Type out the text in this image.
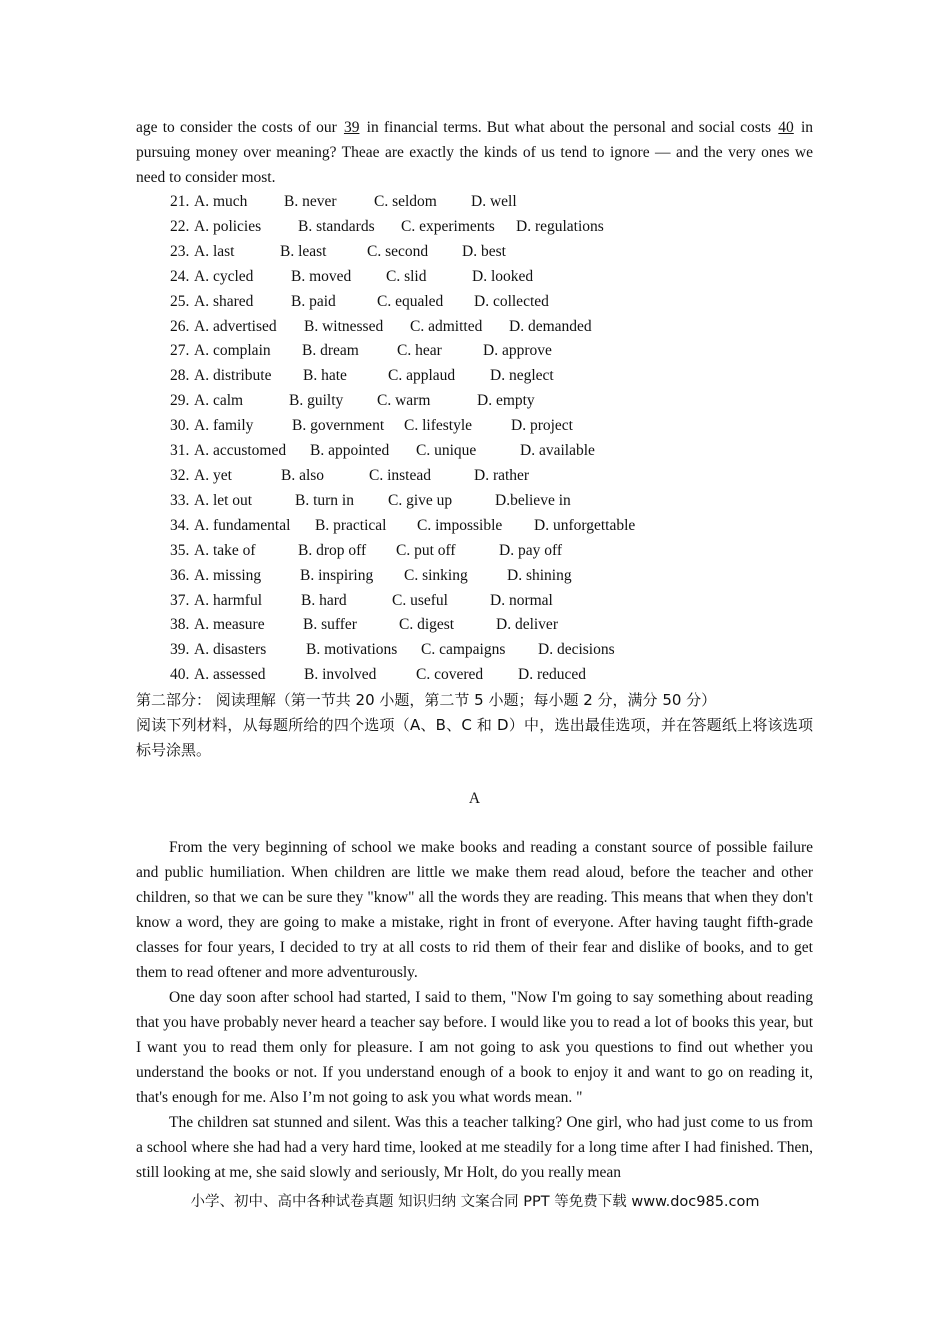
age to consider the costs of our 39 in financial terms. But what about the personal and social costs 40 in pursuing money over meaning? Theae are exactly the kinds of us tend to ignore — and the very ones we need to consider most.

21. A. much	B. never	C. seldom	D. well
22. A. policies	B. standards	C. experiments	D. regulations
23. A. last	B. least	C. second	D. best
24. A. cycled	B. moved	C. slid	D. looked
25. A. shared	B. paid	C. equaled	D. collected
26. A. advertised	B. witnessed	C. admitted	D. demanded
27. A. complain	B. dream	C. hear	D. approve
28. A. distribute	B. hate	C. applaud	D. neglect
29. A. calm	B. guilty	C. warm	D. empty
30. A. family	B. government	C. lifestyle	D. project
31. A. accustomed	B. appointed	C. unique	D. available
32. A. yet	B. also	C. instead	D. rather
33. A. let out	B. turn in	C. give up	D.believe in
34. A. fundamental	B. practical	C. impossible	D. unforgettable
35. A. take of	B. drop off	C. put off	D. pay off
36. A. missing	B. inspiring	C. sinking	D. shining
37. A. harmful	B. hard	C. useful	D. normal
38. A. measure	B. suffer	C. digest	D. deliver
39. A. disasters	B. motivations	C. campaigns	D. decisions
40. A. assessed	B. involved	C. covered	D. reduced

第二部分： 阅读理解（第一节共 20 小题，第二节 5 小题；每小题 2 分，满分 50 分）

阅读下列材料，从每题所给的四个选项（A、B、C 和 D）中，选出最佳选项，并在答题纸上将该选项标号涂黑。

A

From the very beginning of school we make books and reading a constant source of possible failure and public humiliation. When children are little we make them read aloud, before the teacher and other children, so that we can be sure they "know" all the words they are reading. This means that when they don't know a word, they are going to make a mistake, right in front of everyone. After having taught fifth-grade classes for four years, I decided to try at all costs to rid them of their fear and dislike of books, and to get them to read oftener and more adventurously.

One day soon after school had started, I said to them, "Now I'm going to say something about reading that you have probably never heard a teacher say before. I would like you to read a lot of books this year, but I want you to read them only for pleasure. I am not going to ask you questions to find out whether you understand the books or not. If you understand enough of a book to enjoy it and want to go on reading it, that's enough for me. Also I’m not going to ask you what words mean. "

The children sat stunned and silent. Was this a teacher talking? One girl, who had just come to us from a school where she had had a very hard time, looked at me steadily for a long time after I had finished. Then, still looking at me, she said slowly and seriously, Mr Holt, do you really mean

小学、初中、高中各种试卷真题 知识归纳 文案合同 PPT 等免费下载 www.doc985.com
